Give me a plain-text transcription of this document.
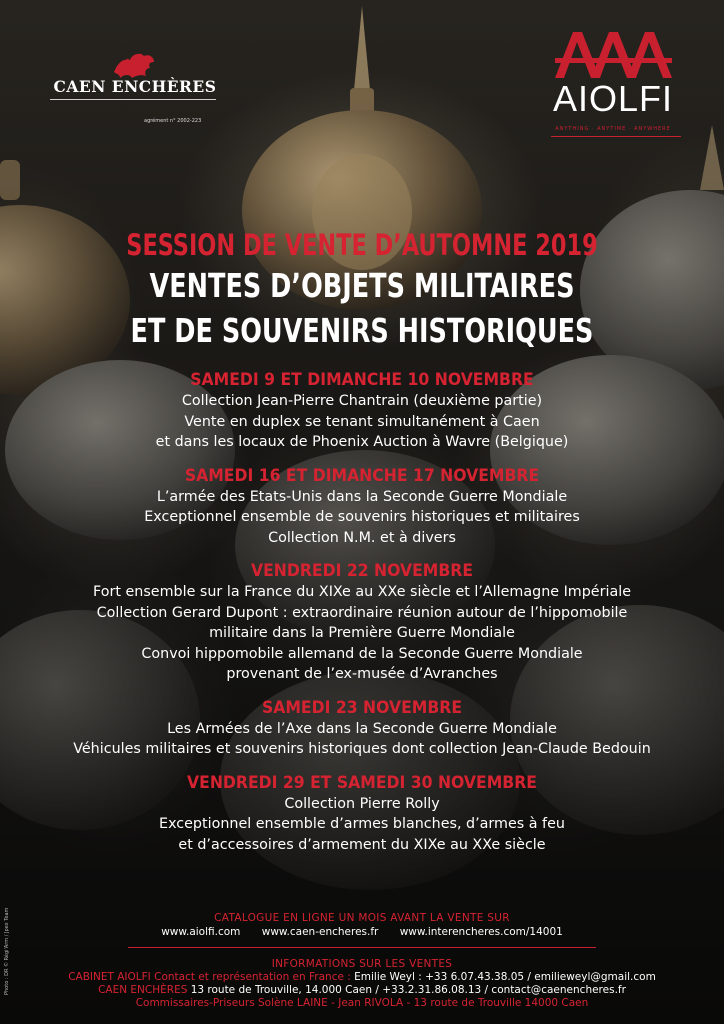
CAEN ENCHÈRES
agrément n° 2002-223
AIOLFI
ANYTHING · ANYTIME · ANYWHERE
SESSION DE VENTE D’AUTOMNE 2019
VENTES D’OBJETS MILITAIRES
ET DE SOUVENIRS HISTORIQUES
SAMEDI 9 ET DIMANCHE 10 NOVEMBRE
Collection Jean-Pierre Chantrain (deuxième partie)
Vente en duplex se tenant simultanément à Caen
et dans les locaux de Phoenix Auction à Wavre (Belgique)
SAMEDI 16 ET DIMANCHE 17 NOVEMBRE
L’armée des Etats-Unis dans la Seconde Guerre Mondiale
Exceptionnel ensemble de souvenirs historiques et militaires
Collection N.M. et à divers
VENDREDI 22 NOVEMBRE
Fort ensemble sur la France du XIXe au XXe siècle et l’Allemagne Impériale
Collection Gerard Dupont : extraordinaire réunion autour de l’hippomobile
militaire dans la Première Guerre Mondiale
Convoi hippomobile allemand de la Seconde Guerre Mondiale
provenant de l’ex-musée d’Avranches
SAMEDI 23 NOVEMBRE
Les Armées de l’Axe dans la Seconde Guerre Mondiale
Véhicules militaires et souvenirs historiques dont collection Jean-Claude Bedouin
VENDREDI 29 ET SAMEDI 30 NOVEMBRE
Collection Pierre Rolly
Exceptionnel ensemble d’armes blanches, d’armes à feu
et d’accessoires d’armement du XIXe au XXe siècle
CATALOGUE EN LIGNE UN MOIS AVANT LA VENTE SUR
www.aiolfi.com www.caen-encheres.fr www.interencheres.com/14001
INFORMATIONS SUR LES VENTES
CABINET AIOLFI Contact et représentation en France : Emilie Weyl : +33 6.07.43.38.05 / emilieweyl@gmail.com
CAEN ENCHÈRES 13 route de Trouville, 14.000 Caen / +33.2.31.86.08.13 / contact@caenencheres.fr
Commissaires-Priseurs Solène LAINE - Jean RIVOLA - 13 route de Trouville 14000 Caen
Photo : DR © Régi'Arm / Jpex Team
